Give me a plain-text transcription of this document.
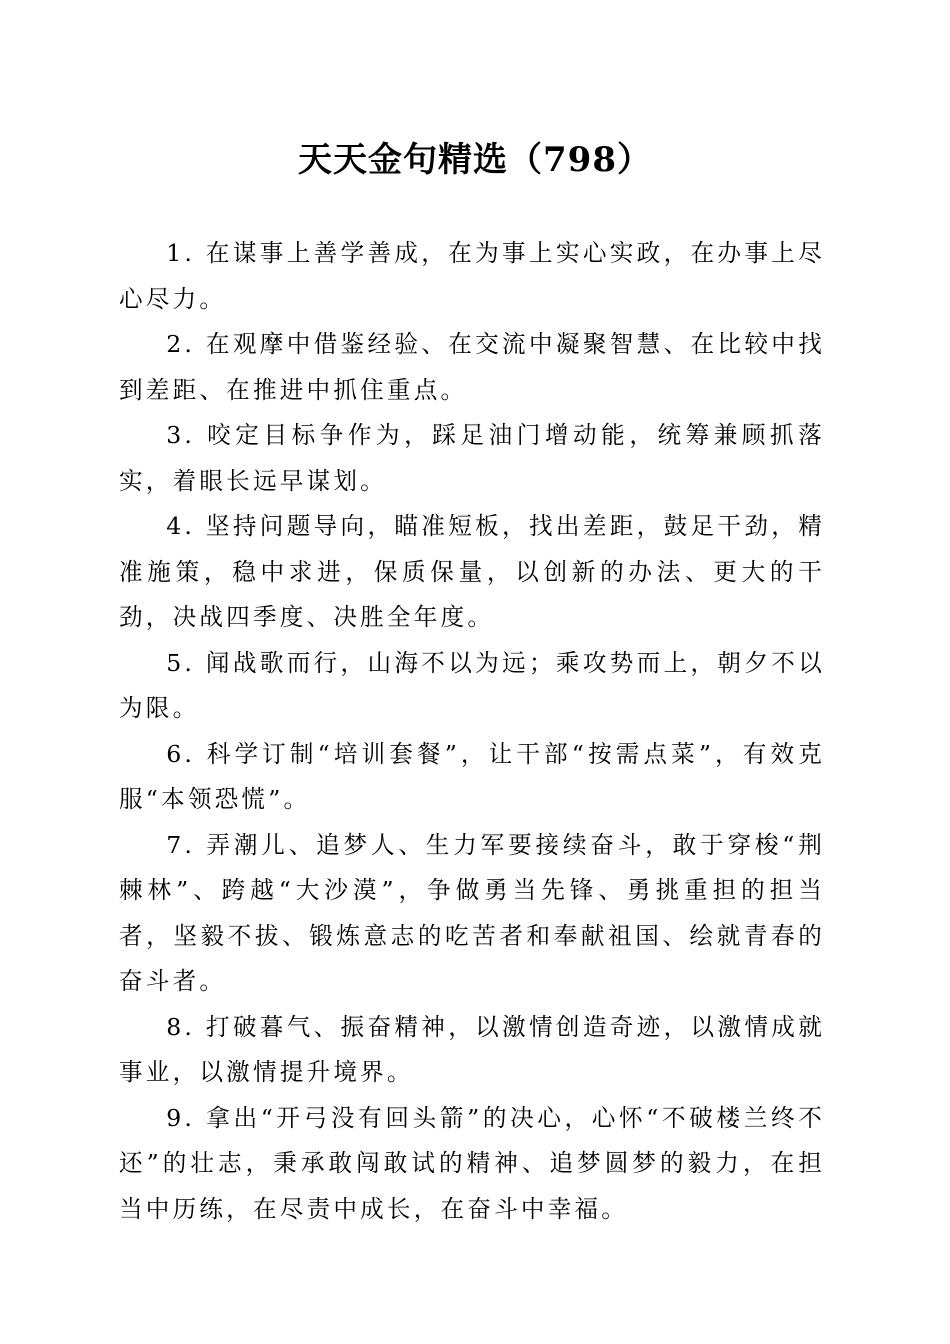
天天金句精选（798）

1. 在谋事上善学善成，在为事上实心实政，在办事上尽心尽力。

2. 在观摩中借鉴经验、在交流中凝聚智慧、在比较中找到差距、在推进中抓住重点。

3. 咬定目标争作为，踩足油门增动能，统筹兼顾抓落实，着眼长远早谋划。

4. 坚持问题导向，瞄准短板，找出差距，鼓足干劲，精准施策，稳中求进，保质保量，以创新的办法、更大的干劲，决战四季度、决胜全年度。

5. 闻战歌而行，山海不以为远；乘攻势而上，朝夕不以为限。

6. 科学订制“培训套餐”，让干部“按需点菜”，有效克服“本领恐慌”。

7. 弄潮儿、追梦人、生力军要接续奋斗，敢于穿梭“荆棘林”、跨越“大沙漠”，争做勇当先锋、勇挑重担的担当者，坚毅不拔、锻炼意志的吃苦者和奉献祖国、绘就青春的奋斗者。

8. 打破暮气、振奋精神，以激情创造奇迹，以激情成就事业，以激情提升境界。

9. 拿出“开弓没有回头箭”的决心，心怀“不破楼兰终不还”的壮志，秉承敢闯敢试的精神、追梦圆梦的毅力，在担当中历练，在尽责中成长，在奋斗中幸福。
